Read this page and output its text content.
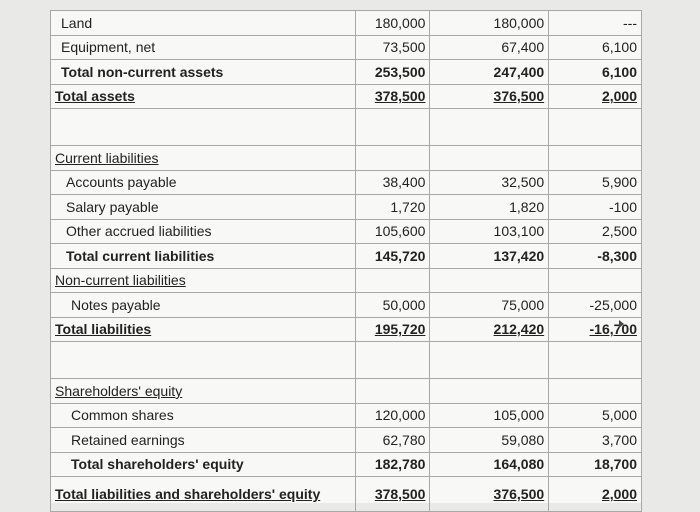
Land	180,000	180,000	---
Equipment, net	73,500	67,400	6,100
Total non-current assets	253,500	247,400	6,100
Total assets	378,500	376,500	2,000

Current liabilities			
Accounts payable	38,400	32,500	5,900
Salary payable	1,720	1,820	-100
Other accrued liabilities	105,600	103,100	2,500
Total current liabilities	145,720	137,420	-8,300
Non-current liabilities			
Notes payable	50,000	75,000	-25,000
Total liabilities	195,720	212,420	-16,700

Shareholders' equity			
Common shares	120,000	105,000	5,000
Retained earnings	62,780	59,080	3,700
Total shareholders' equity	182,780	164,080	18,700
Total liabilities and shareholders' equity	378,500	376,500	2,000
